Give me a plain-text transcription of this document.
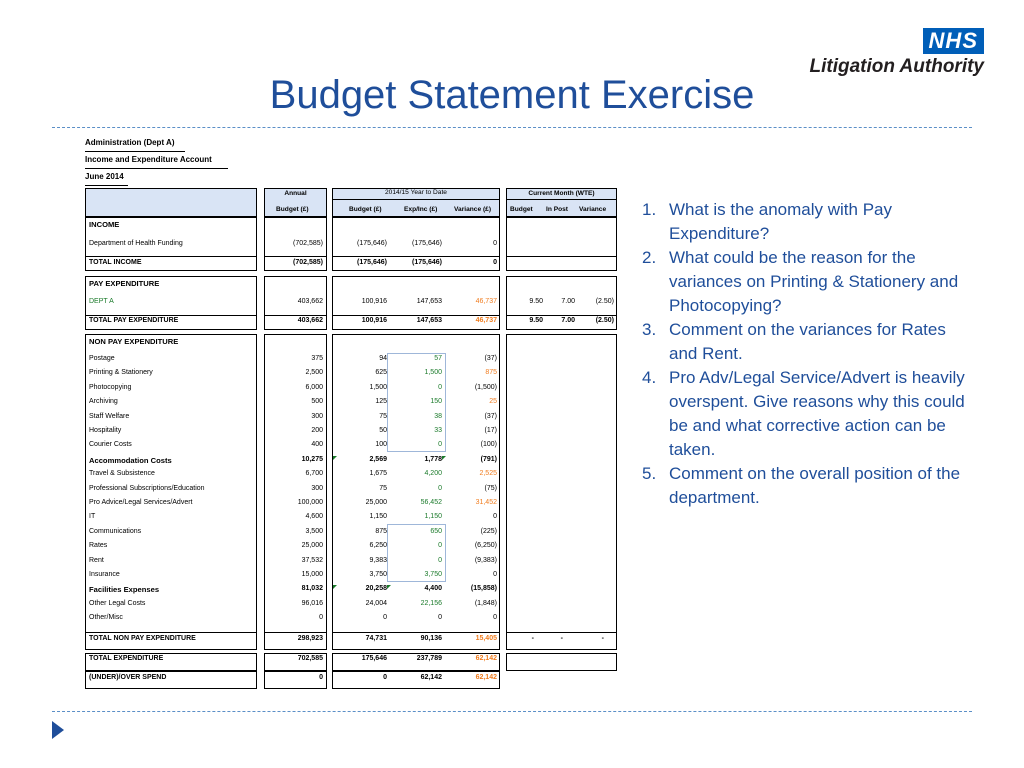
NHS
Litigation Authority
Budget Statement Exercise
Administration (Dept A)
Income and Expenditure Account
June 2014
Annual
Budget (£)
2014/15 Year to Date
Budget (£)	Exp/Inc (£)	Variance (£)
Current Month (WTE)
Budget In Post Variance
INCOME
Department of Health Funding	(702,585)	(175,646)	(175,646)	0
TOTAL INCOME	(702,585)	(175,646)	(175,646)	0
PAY EXPENDITURE
DEPT A	403,662	100,916	147,653	46,737	9.50	7.00	(2.50)
TOTAL PAY EXPENDITURE	403,662	100,916	147,653	46,737	9.50	7.00	(2.50)
NON PAY EXPENDITURE
Postage	375	94	57	(37)
Printing & Stationery	2,500	625	1,500	875
Photocopying	6,000	1,500	0	(1,500)
Archiving	500	125	150	25
Staff Welfare	300	75	38	(37)
Hospitality	200	50	33	(17)
Courier Costs	400	100	0	(100)
Accommodation Costs	10,275	2,569	1,778	(791)
Travel & Subsistence	6,700	1,675	4,200	2,525
Professional Subscriptions/Education	300	75	0	(75)
Pro Advice/Legal Services/Advert	100,000	25,000	56,452	31,452
IT	4,600	1,150	1,150	0
Communications	3,500	875	650	(225)
Rates	25,000	6,250	0	(6,250)
Rent	37,532	9,383	0	(9,383)
Insurance	15,000	3,750	3,750	0
Facilities Expenses	81,032	20,258	4,400	(15,858)
Other Legal Costs	96,016	24,004	22,156	(1,848)
Other/Misc	0	0	0	0
TOTAL NON PAY EXPENDITURE	298,923	74,731	90,136	15,405	-	-	-
TOTAL EXPENDITURE	702,585	175,646	237,789	62,142
(UNDER)/OVER SPEND	0	0	62,142	62,142
1. What is the anomaly with Pay Expenditure?
2. What could be the reason for the variances on Printing & Stationery and Photocopying?
3. Comment on the variances for Rates and Rent.
4. Pro Adv/Legal Service/Advert is heavily overspent. Give reasons why this could be and what corrective action can be taken.
5. Comment on the overall position of the department.
